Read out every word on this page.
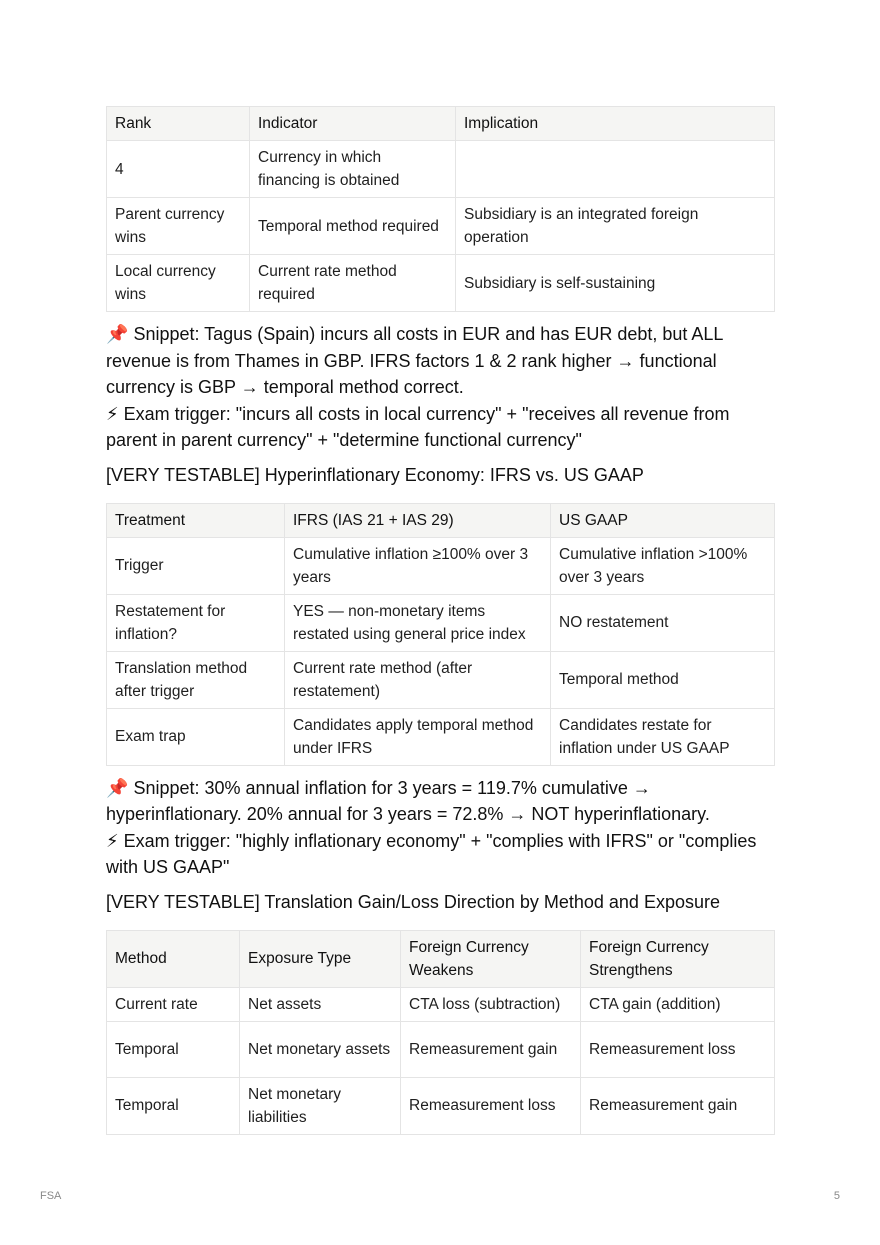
Rank	Indicator	Implication
4	Currency in which financing is obtained	
Parent currency wins	Temporal method required	Subsidiary is an integrated foreign operation
Local currency wins	Current rate method required	Subsidiary is self-sustaining

📌 Snippet: Tagus (Spain) incurs all costs in EUR and has EUR debt, but ALL revenue is from Thames in GBP. IFRS factors 1 & 2 rank higher → functional currency is GBP → temporal method correct.

⚡ Exam trigger: "incurs all costs in local currency" + "receives all revenue from parent in parent currency" + "determine functional currency"

[VERY TESTABLE] Hyperinflationary Economy: IFRS vs. US GAAP
Treatment	IFRS (IAS 21 + IAS 29)	US GAAP
Trigger	Cumulative inflation ≥100% over 3 years	Cumulative inflation >100% over 3 years
Restatement for inflation?	YES — non-monetary items restated using general price index	NO restatement
Translation method after trigger	Current rate method (after restatement)	Temporal method
Exam trap	Candidates apply temporal method under IFRS	Candidates restate for inflation under US GAAP

📌 Snippet: 30% annual inflation for 3 years = 119.7% cumulative → hyperinflationary. 20% annual for 3 years = 72.8% → NOT hyperinflationary.

⚡ Exam trigger: "highly inflationary economy" + "complies with IFRS" or "complies with US GAAP"

[VERY TESTABLE] Translation Gain/Loss Direction by Method and Exposure
Method	Exposure Type	Foreign Currency Weakens	Foreign Currency Strengthens
Current rate	Net assets	CTA loss (subtraction)	CTA gain (addition)
Temporal	Net monetary assets	Remeasurement gain	Remeasurement loss
Temporal	Net monetary liabilities	Remeasurement loss	Remeasurement gain
FSA	5
